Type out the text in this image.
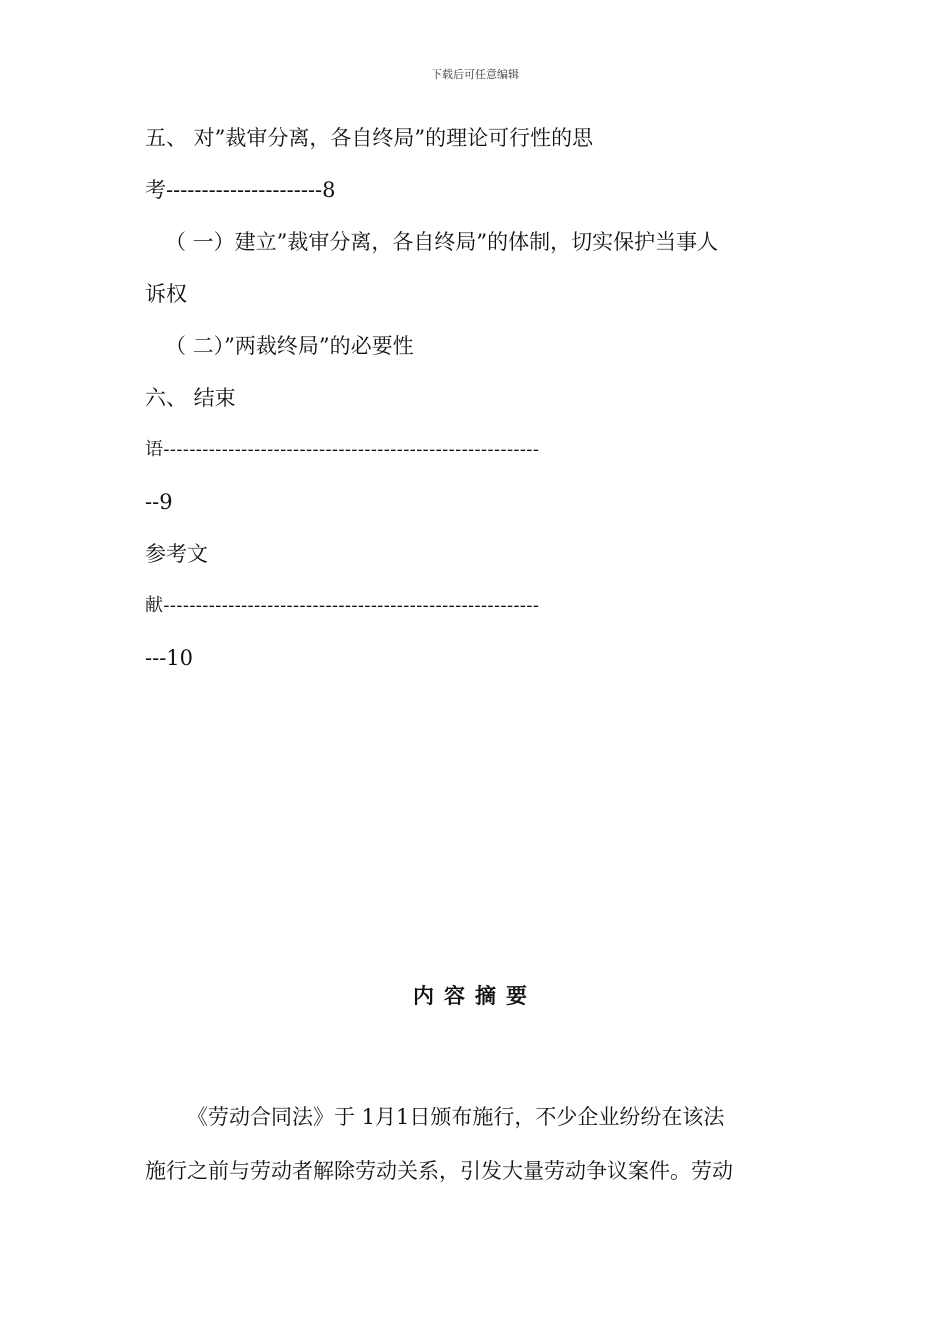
下载后可任意编辑
五、 对”裁审分离，各自终局”的理论可行性的思
考----------------------8
（ 一）建立”裁审分离，各自终局”的体制，切实保护当事人
诉权
（ 二）”两裁终局”的必要性
六、 结束
语----------------------------------------------------------
--9
参考文
献----------------------------------------------------------
---10
内容摘要
《劳动合同法》于 1月1日颁布施行，不少企业纷纷在该法
施行之前与劳动者解除劳动关系，引发大量劳动争议案件。劳动
